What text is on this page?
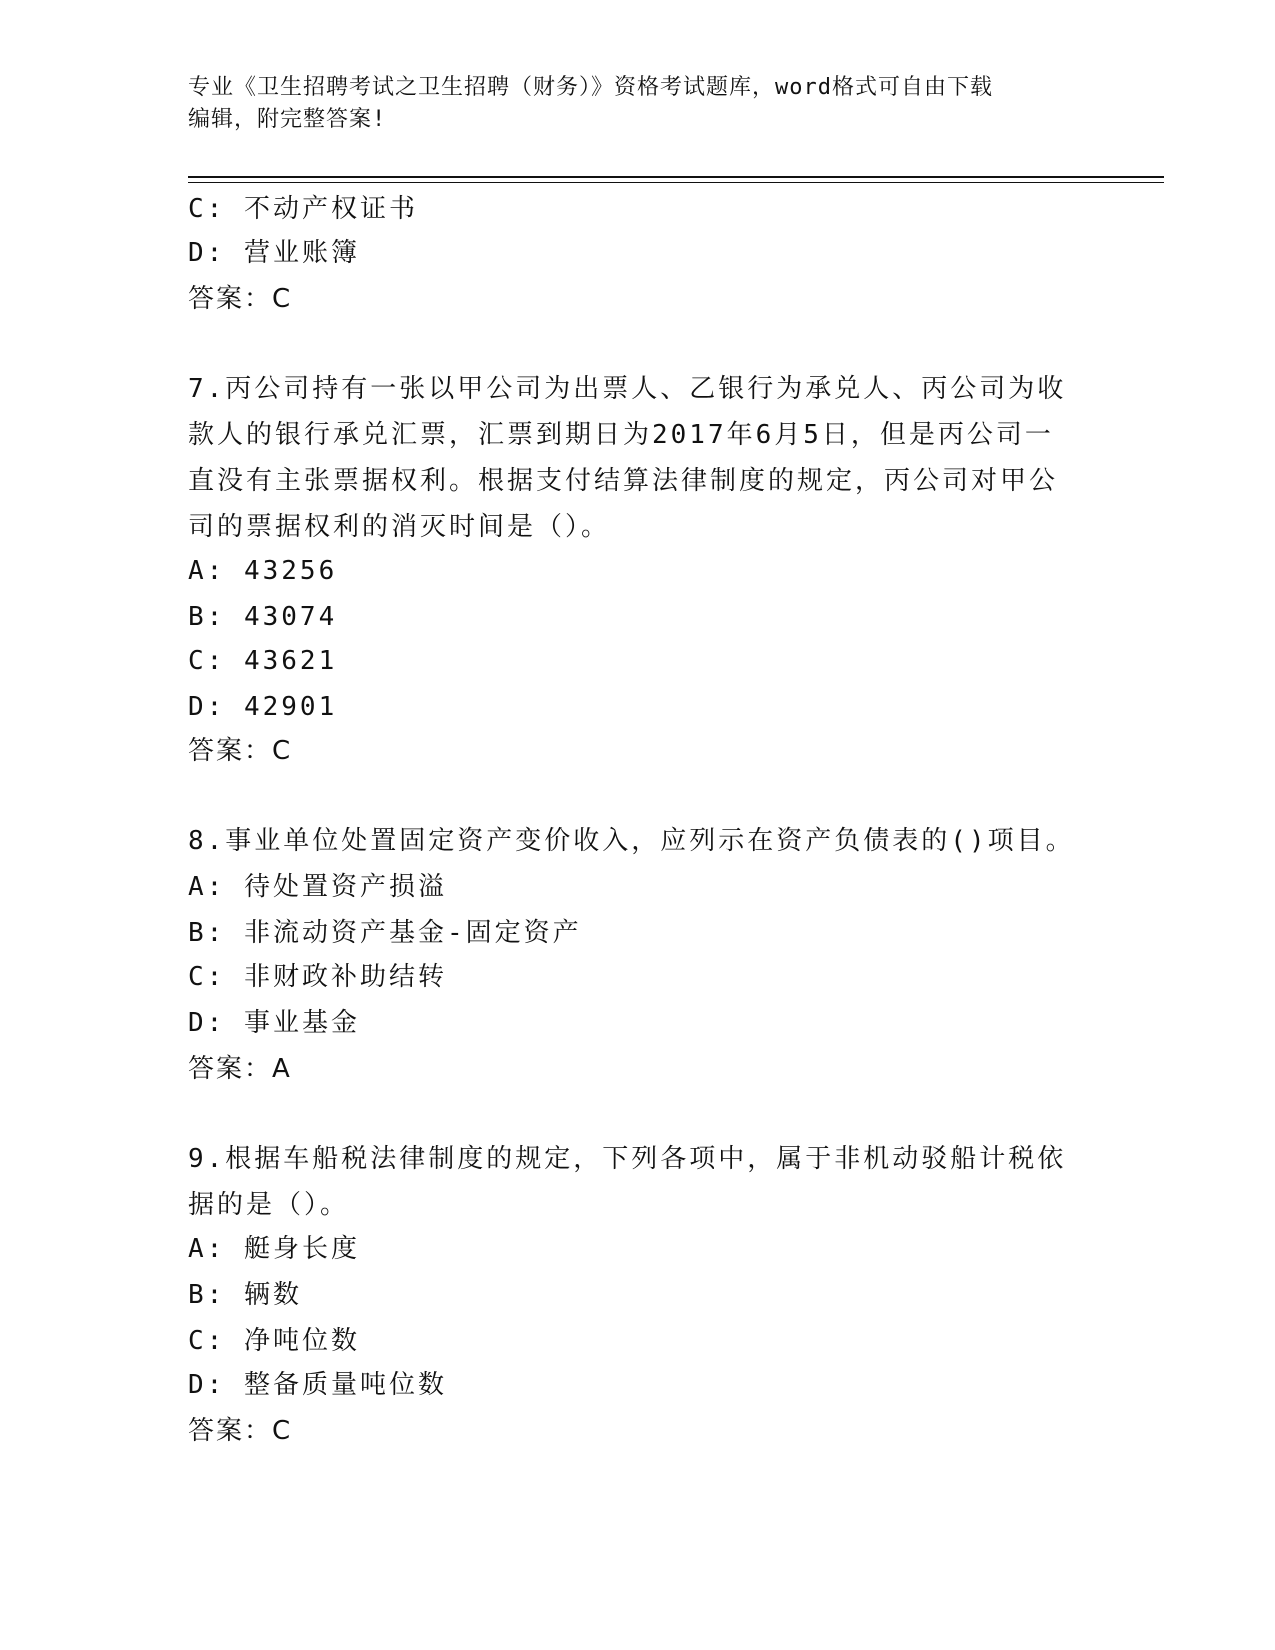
专业《卫生招聘考试之卫生招聘（财务）》资格考试题库，word格式可自由下载
编辑，附完整答案!
C: 不动产权证书
D: 营业账簿
答案：C
7.丙公司持有一张以甲公司为出票人、乙银行为承兑人、丙公司为收
款人的银行承兑汇票，汇票到期日为2017年6月5日，但是丙公司一
直没有主张票据权利。根据支付结算法律制度的规定，丙公司对甲公
司的票据权利的消灭时间是（）。
A: 43256
B: 43074
C: 43621
D: 42901
答案：C
8.事业单位处置固定资产变价收入，应列示在资产负债表的()项目。
A: 待处置资产损溢
B: 非流动资产基金-固定资产
C: 非财政补助结转
D: 事业基金
答案：A
9.根据车船税法律制度的规定，下列各项中，属于非机动驳船计税依
据的是（）。
A: 艇身长度
B: 辆数
C: 净吨位数
D: 整备质量吨位数
答案：C
